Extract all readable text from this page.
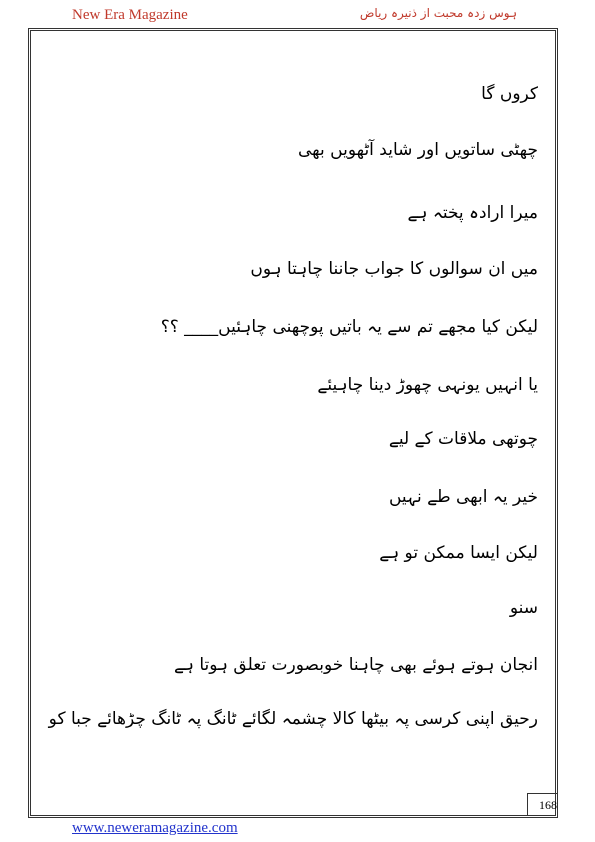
New Era Magazine	ہوس زدہ محبت از ذنیرہ ریاض
کروں گا
چھٹی ساتویں اور شاید آٹھویں بھی
میرا ارادہ پختہ ہے
میں ان سوالوں کا جواب جاننا چاہتا ہوں
لیکن کیا مجھے تم سے یہ باتیں پوچھنی چاہئیں____ ؟؟
یا انہیں یونہی چھوڑ دینا چاہیئے
چوتھی ملاقات کے لیے
خیر یہ ابھی طے نہیں
لیکن ایسا ممکن تو ہے
سنو
انجان ہوتے ہوئے بھی چاہنا خوبصورت تعلق ہوتا ہے
رحیق اپنی کرسی پہ بیٹھا کالا چشمہ لگائے ٹانگ پہ ٹانگ چڑھائے جبا کو
168
www.neweramagazine.com
